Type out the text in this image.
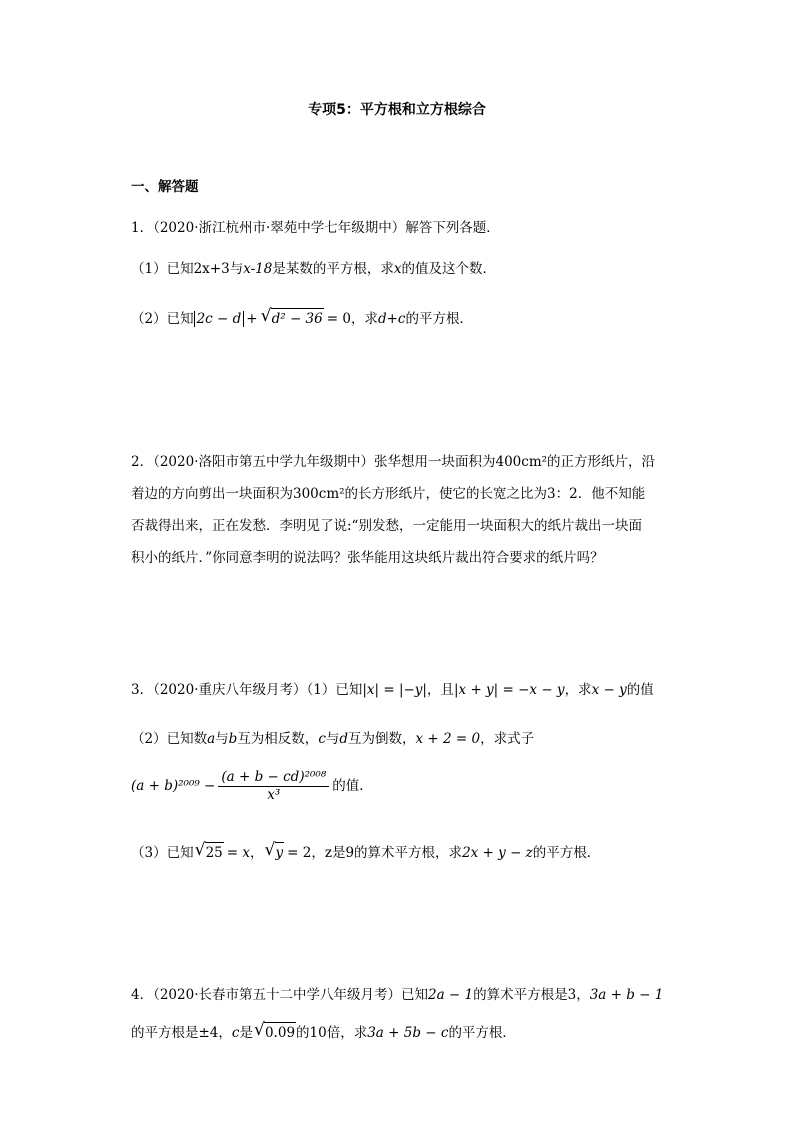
专项5：平方根和立方根综合
一、解答题
1．（2020·浙江杭州市·翠苑中学七年级期中）解答下列各题．
（1）已知2x+3与x-18是某数的平方根，求x的值及这个数．
（2）已知 2c − d + √ d² − 36 = 0，求d+c的平方根．
2．（2020·洛阳市第五中学九年级期中）张华想用一块面积为400cm²的正方形纸片，沿
着边的方向剪出一块面积为300cm²的长方形纸片，使它的长宽之比为3：2．他不知能
否裁得出来，正在发愁．李明见了说:“别发愁，一定能用一块面积大的纸片裁出一块面
积小的纸片．”你同意李明的说法吗？张华能用这块纸片裁出符合要求的纸片吗？
3．（2020·重庆八年级月考）（1）已知|x| = |−y|，且|x + y| = −x − y，求x − y的值
（2）已知数a与b互为相反数，c与d互为倒数，x + 2 = 0，求式子
$(a + b)^{2009} - \frac{\text{(a + b − cd)²⁰⁰⁸}}{\text{x³}}$ 的值．
（3）已知 √ 25 = x， √ y = 2，z是9的算术平方根，求2x + y − z的平方根．
4．（2020·长春市第五十二中学八年级月考）已知2a − 1的算术平方根是3，3a + b − 1
的平方根是±4，c是 √ 0.09的10倍，求3a + 5b − c的平方根．
